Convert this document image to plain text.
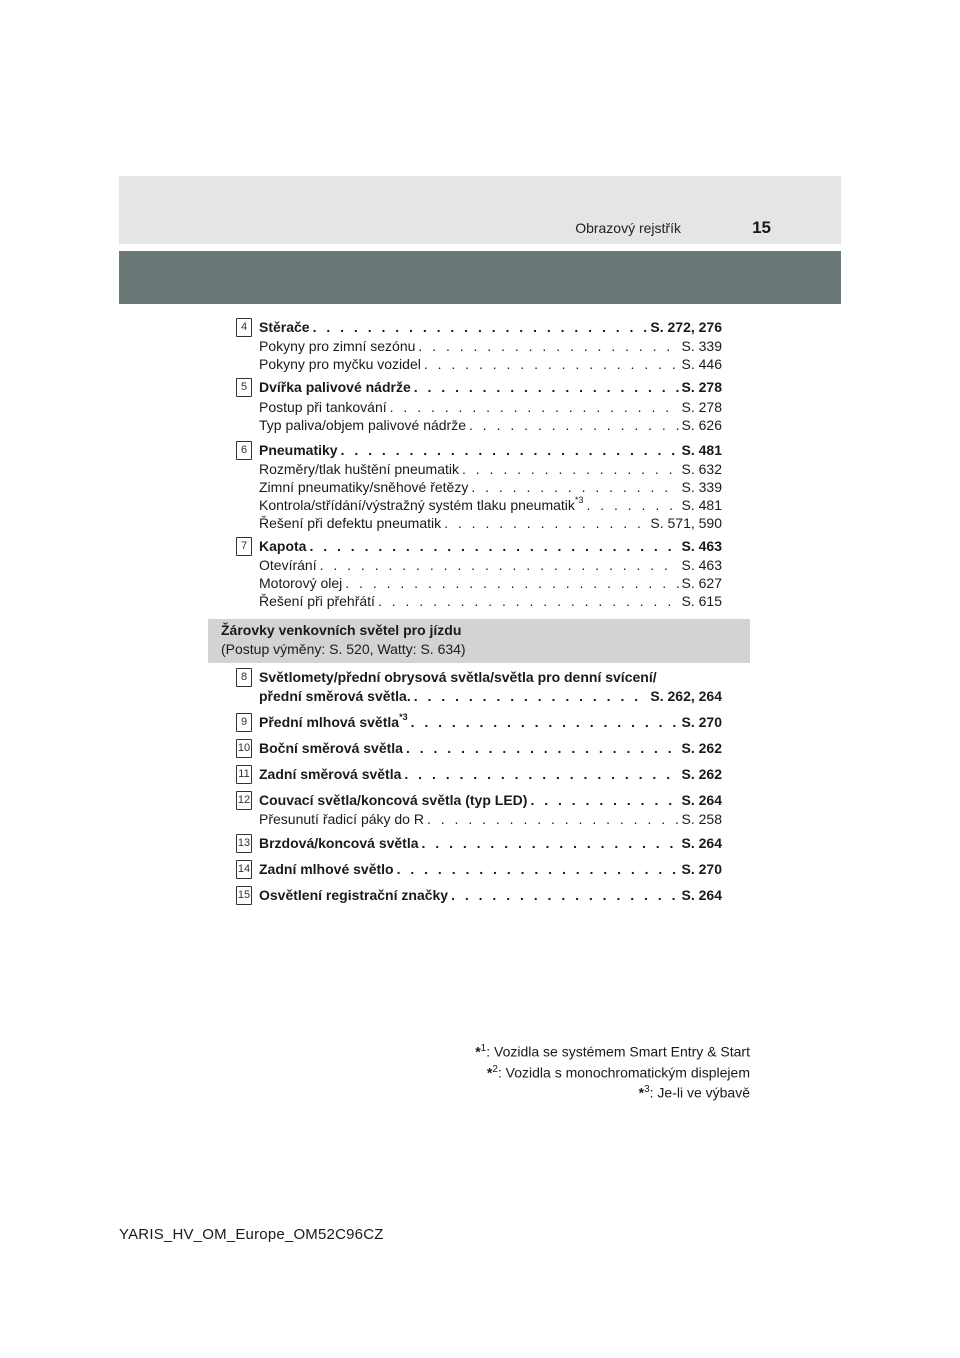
Obrazový rejstřík	15
4 Stěrače . . .	S. 272, 276
Pokyny pro zimní sezónu . . .	S. 339
Pokyny pro myčku vozidel . . .	S. 446
5 Dvířka palivové nádrže . . .	S. 278
Postup při tankování . . .	S. 278
Typ paliva/objem palivové nádrže . . .	S. 626
6 Pneumatiky . . .	S. 481
Rozměry/tlak huštění pneumatik . . .	S. 632
Zimní pneumatiky/sněhové řetězy . . .	S. 339
Kontrola/střídání/výstražný systém tlaku pneumatik$^{*3}$ . . .	S. 481
Řešení při defektu pneumatik . . .	S. 571, 590
7 Kapota . . .	S. 463
Otevírání . . .	S. 463
Motorový olej . . .	S. 627
Řešení při přehřátí . . .	S. 615
Žárovky venkovních světel pro jízdu
(Postup výměny: S. 520, Watty: S. 634)
8 Světlomety/přední obrysová světla/světla pro denní svícení/
přední směrová světla. . . .	S. 262, 264
9 Přední mlhová světla$^{*3}$ . . .	S. 270
10 Boční směrová světla . . .	S. 262
11 Zadní směrová světla . . .	S. 262
12 Couvací světla/koncová světla (typ LED) . . .	S. 264
Přesunutí řadicí páky do R . . .	S. 258
13 Brzdová/koncová světla . . .	S. 264
14 Zadní mlhové světlo . . .	S. 270
15 Osvětlení registrační značky . . .	S. 264
*$^1$: Vozidla se systémem Smart Entry & Start
*$^2$: Vozidla s monochromatickým displejem
*$^3$: Je-li ve výbavě
YARIS_HV_OM_Europe_OM52C96CZ
